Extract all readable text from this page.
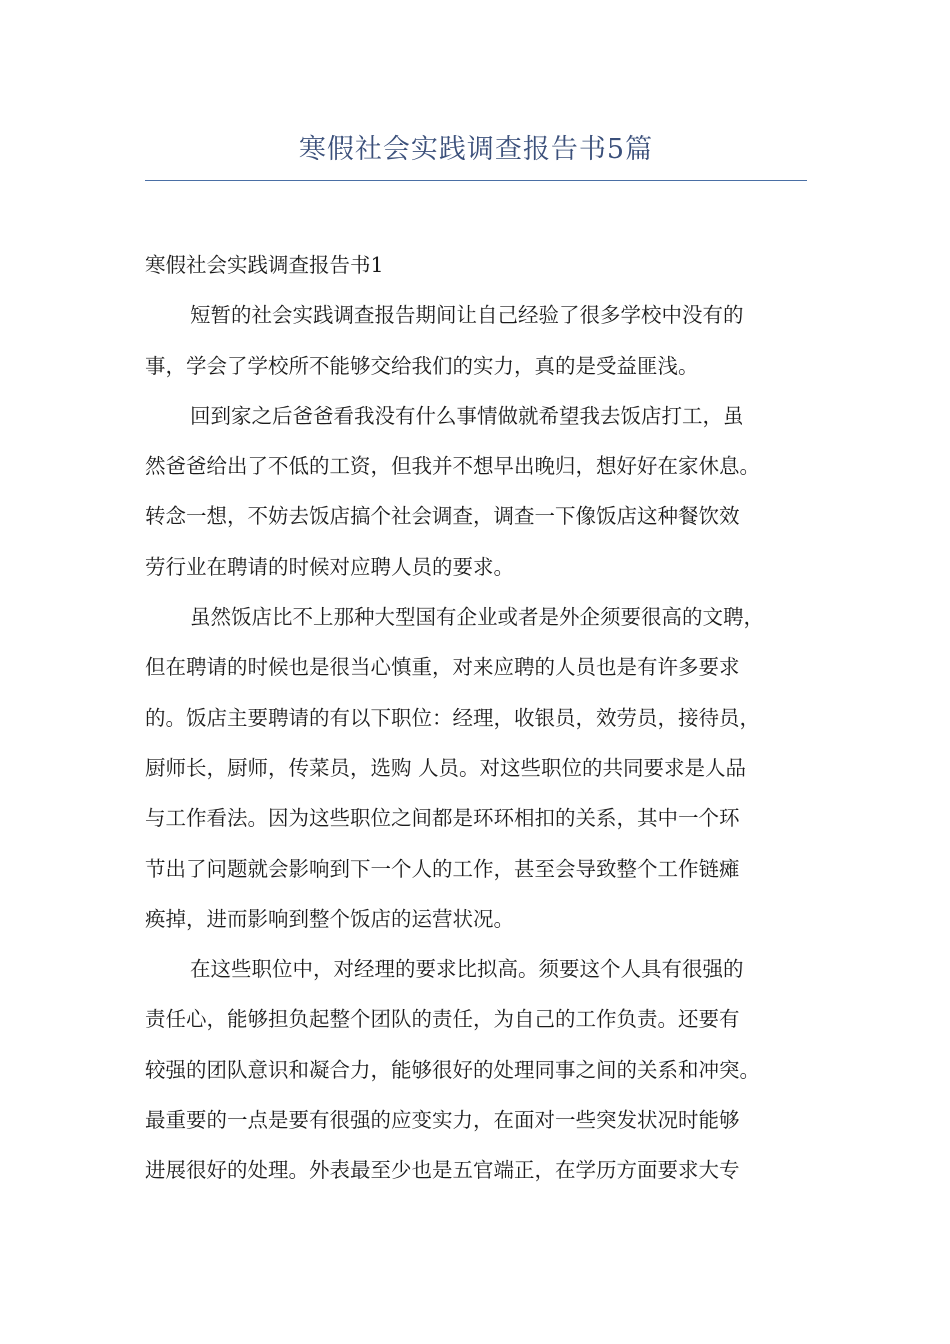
寒假社会实践调查报告书5篇

寒假社会实践调查报告书1

短暂的社会实践调查报告期间让自己经验了很多学校中没有的
事，学会了学校所不能够交给我们的实力，真的是受益匪浅。

回到家之后爸爸看我没有什么事情做就希望我去饭店打工，虽
然爸爸给出了不低的工资，但我并不想早出晚归，想好好在家休息。
转念一想，不妨去饭店搞个社会调查，调查一下像饭店这种餐饮效
劳行业在聘请的时候对应聘人员的要求。

虽然饭店比不上那种大型国有企业或者是外企须要很高的文聘，
但在聘请的时候也是很当心慎重，对来应聘的人员也是有许多要求
的。饭店主要聘请的有以下职位：经理，收银员，效劳员，接待员，
厨师长，厨师，传菜员，选购 人员。对这些职位的共同要求是人品
与工作看法。因为这些职位之间都是环环相扣的关系，其中一个环
节出了问题就会影响到下一个人的工作，甚至会导致整个工作链瘫
痪掉，进而影响到整个饭店的运营状况。

在这些职位中，对经理的要求比拟高。须要这个人具有很强的
责任心，能够担负起整个团队的责任，为自己的工作负责。还要有
较强的团队意识和凝合力，能够很好的处理同事之间的关系和冲突。
最重要的一点是要有很强的应变实力，在面对一些突发状况时能够
进展很好的处理。外表最至少也是五官端正，在学历方面要求大专
